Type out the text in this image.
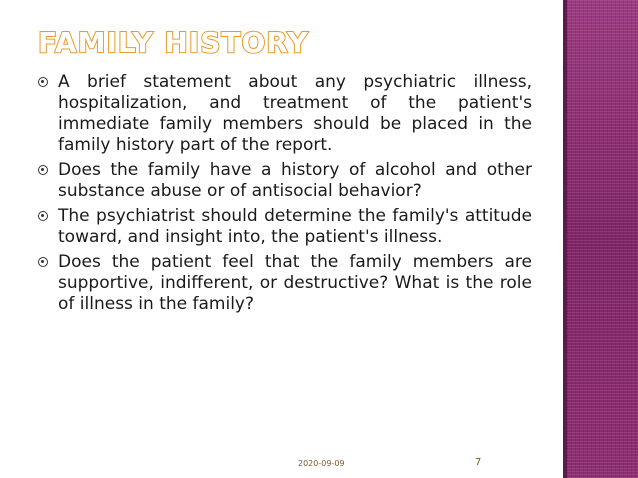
FAMILY HISTORY
A brief statement about any psychiatric illness, hospitalization, and treatment of the patient's immediate family members should be placed in the family history part of the report.
Does the family have a history of alcohol and other substance abuse or of antisocial behavior?
The psychiatrist should determine the family's attitude toward, and insight into, the patient's illness.
Does the patient feel that the family members are supportive, indifferent, or destructive? What is the role of illness in the family?
2020-09-09	7
